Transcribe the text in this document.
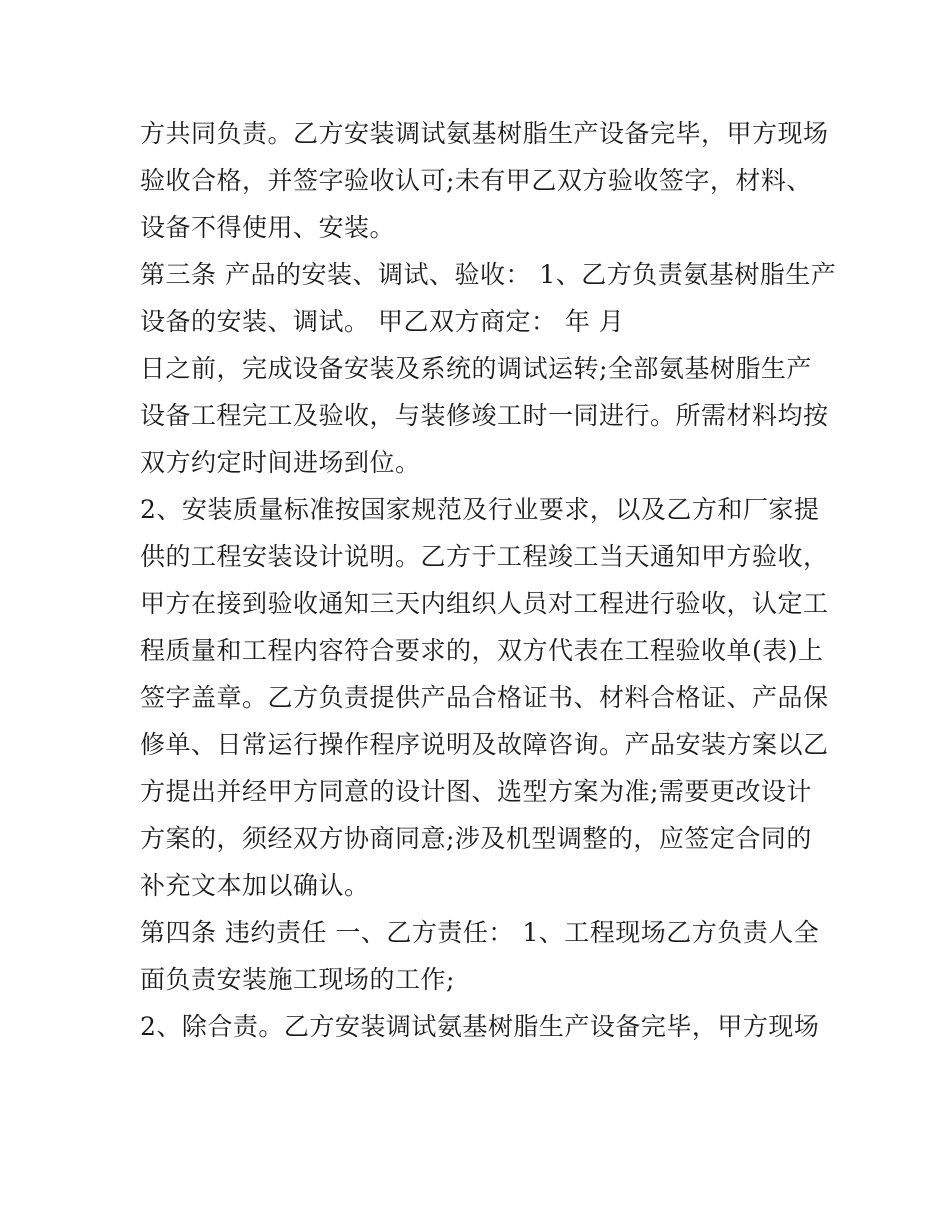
方共同负责。乙方安装调试氨基树脂生产设备完毕，甲方现场
验收合格，并签字验收认可;未有甲乙双方验收签字，材料、
设备不得使用、安装。
第三条 产品的安装、调试、验收： 1、乙方负责氨基树脂生产
设备的安装、调试。 甲乙双方商定： 年 月
日之前，完成设备安装及系统的调试运转;全部氨基树脂生产
设备工程完工及验收，与装修竣工时一同进行。所需材料均按
双方约定时间进场到位。
2、安装质量标准按国家规范及行业要求，以及乙方和厂家提
供的工程安装设计说明。乙方于工程竣工当天通知甲方验收，
甲方在接到验收通知三天内组织人员对工程进行验收，认定工
程质量和工程内容符合要求的，双方代表在工程验收单(表)上
签字盖章。乙方负责提供产品合格证书、材料合格证、产品保
修单、日常运行操作程序说明及故障咨询。产品安装方案以乙
方提出并经甲方同意的设计图、选型方案为准;需要更改设计
方案的，须经双方协商同意;涉及机型调整的，应签定合同的
补充文本加以确认。
第四条 违约责任 一、乙方责任： 1、工程现场乙方负责人全
面负责安装施工现场的工作;
2、除合责。乙方安装调试氨基树脂生产设备完毕，甲方现场
